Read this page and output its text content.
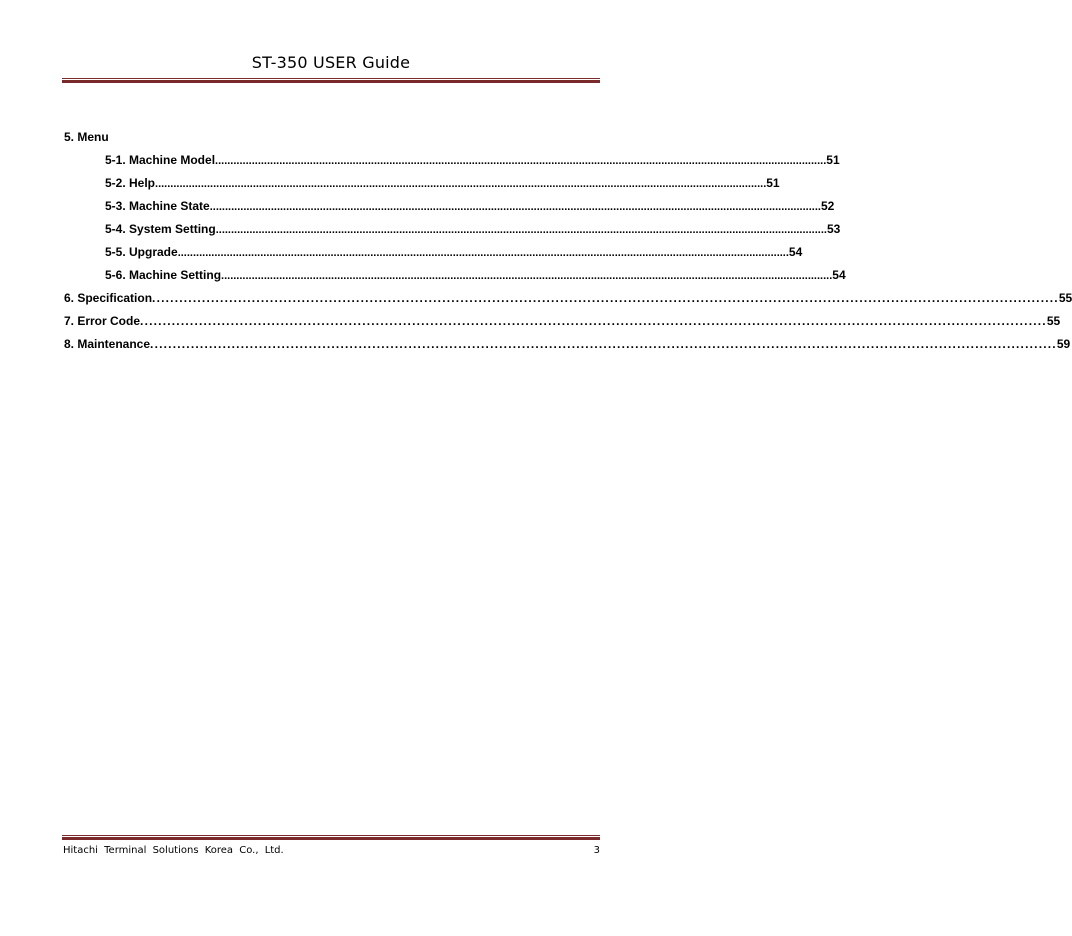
ST-350 USER Guide
5. Menu
5-1. Machine Model ........................................................................................................................................................................................................ 51
5-2. Help ........................................................................................................................................................................................................ 51
5-3. Machine State ........................................................................................................................................................................................................ 52
5-4. System Setting ........................................................................................................................................................................................................ 53
5-5. Upgrade ........................................................................................................................................................................................................ 54
5-6. Machine Setting ........................................................................................................................................................................................................ 54
6. Specification ........................................................................................................................................................................................................ 55
7. Error Code ........................................................................................................................................................................................................ 55
8. Maintenance ........................................................................................................................................................................................................ 59
Hitachi Terminal Solutions Korea Co., Ltd.	3
